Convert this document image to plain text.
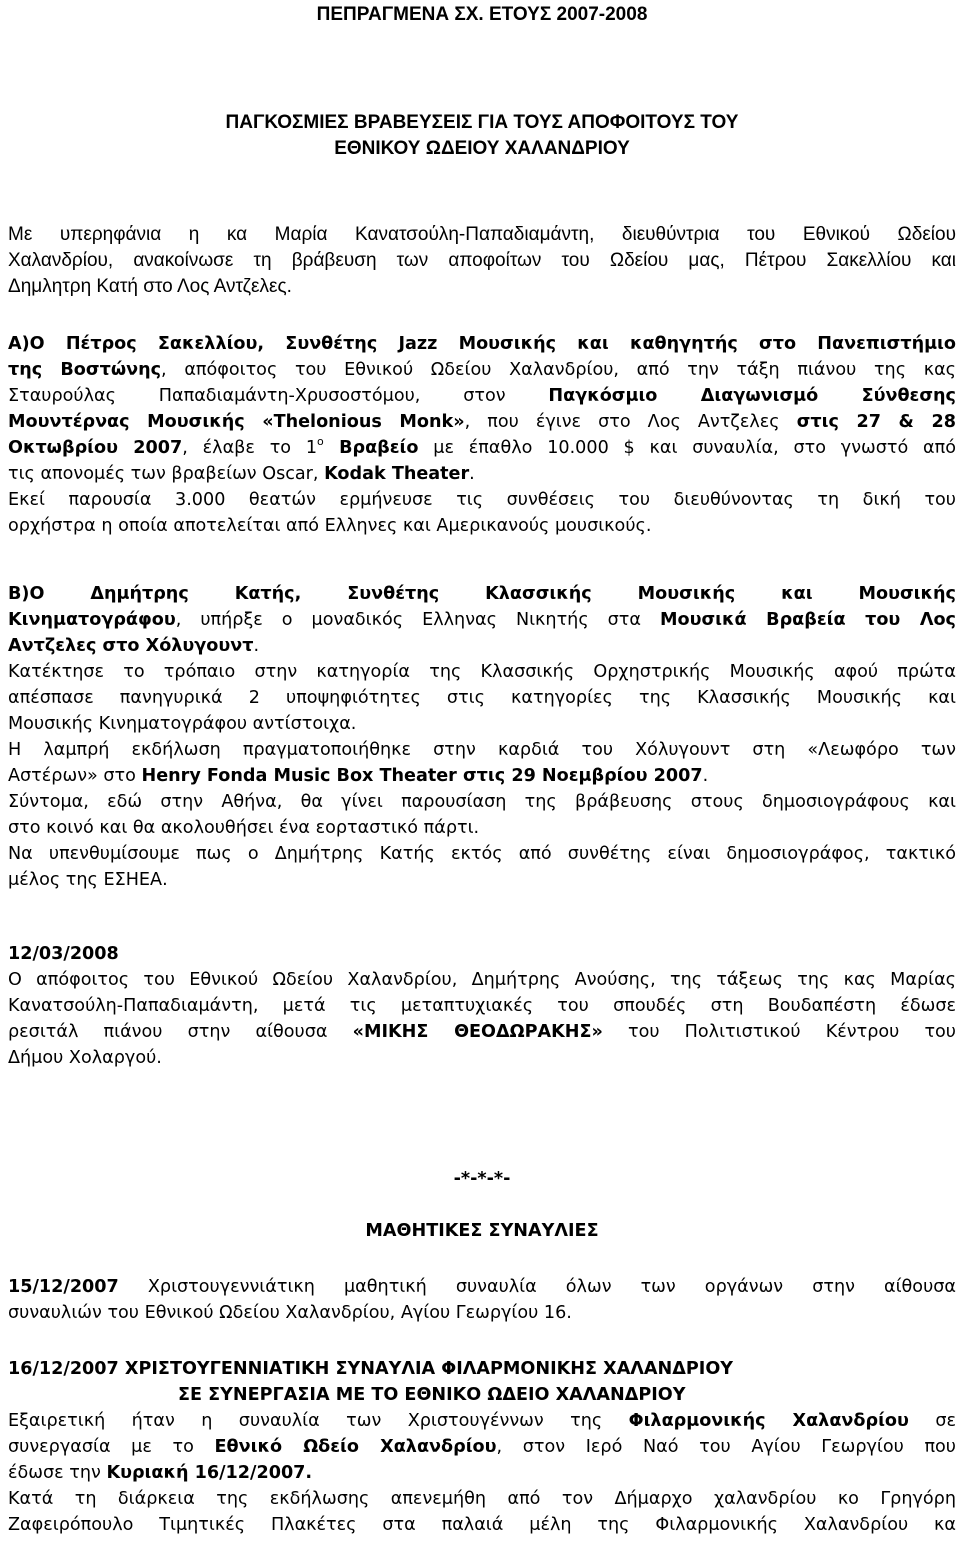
ΠΕΠΡΑΓΜΕΝΑ ΣΧ. ΕΤΟΥΣ 2007-2008
ΠΑΓΚΟΣΜΙΕΣ ΒΡΑΒΕΥΣΕΙΣ ΓΙΑ ΤΟΥΣ ΑΠΟΦΟΙΤΟΥΣ ΤΟΥ
ΕΘΝΙΚΟΥ ΩΔΕΙΟΥ ΧΑΛΑΝΔΡΙΟΥ
Με υπερηφάνια η κα Μαρία Κανατσούλη-Παπαδιαμάντη, διευθύντρια του Εθνικού Ωδείου
Χαλανδρίου, ανακοίνωσε τη βράβευση των αποφοίτων του Ωδείου μας, Πέτρου Σακελλίου και
Δημλητρη Κατή στο Λος Αντζελες.
Α)Ο Πέτρος Σακελλίου, Συνθέτης Jazz Μουσικής και καθηγητής στο Πανεπιστήμιο
της Βοστώνης, απόφοιτος του Εθνικού Ωδείου Χαλανδρίου, από την τάξη πιάνου της κας
Σταυρούλας Παπαδιαμάντη-Χρυσοστόμου, στον Παγκόσμιο Διαγωνισμό Σύνθεσης
Μουντέρνας Μουσικής «Thelonious Monk», που έγινε στο Λος Αντζελες στις 27 & 28
Οκτωβρίου 2007, έλαβε το $1^o$ Βραβείο με έπαθλο 10.000 $ και συναυλία, στο γνωστό από
τις απονομές των βραβείων Oscar, Kodak Theater.
Εκεί παρουσία 3.000 θεατών ερμήνευσε τις συνθέσεις του διευθύνοντας τη δική του
ορχήστρα η οποία αποτελείται από Ελληνες και Αμερικανούς μουσικούς.
Β)Ο Δημήτρης Κατής, Συνθέτης Κλασσικής Μουσικής και Μουσικής
Κινηματογράφου, υπήρξε ο μοναδικός Ελληνας Νικητής στα Μουσικά Βραβεία του Λος
Αντζελες στο Χόλυγουντ.
Κατέκτησε το τρόπαιο στην κατηγορία της Κλασσικής Ορχηστρικής Μουσικής αφού πρώτα
απέσπασε πανηγυρικά 2 υποψηφιότητες στις κατηγορίες της Κλασσικής Μουσικής και
Μουσικής Κινηματογράφου αντίστοιχα.
Η λαμπρή εκδήλωση πραγματοποιήθηκε στην καρδιά του Χόλυγουντ στη «Λεωφόρο των
Αστέρων» στο Henry Fonda Music Box Theater στις 29 Νοεμβρίου 2007.
Σύντομα, εδώ στην Αθήνα, θα γίνει παρουσίαση της βράβευσης στους δημοσιογράφους και
στο κοινό και θα ακολουθήσει ένα εορταστικό πάρτι.
Να υπενθυμίσουμε πως ο Δημήτρης Κατής εκτός από συνθέτης είναι δημοσιογράφος, τακτικό
μέλος της ΕΣΗΕΑ.
12/03/2008
Ο απόφοιτος του Εθνικού Ωδείου Χαλανδρίου, Δημήτρης Ανούσης, της τάξεως της κας Μαρίας
Κανατσούλη-Παπαδιαμάντη, μετά τις μεταπτυχιακές του σπουδές στη Βουδαπέστη έδωσε
ρεσιτάλ πιάνου στην αίθουσα «ΜΙΚΗΣ ΘΕΟΔΩΡΑΚΗΣ» του Πολιτιστικού Κέντρου του
Δήμου Χολαργού.
-*-*-*-
ΜΑΘΗΤΙΚΕΣ ΣΥΝΑΥΛΙΕΣ
15/12/2007 Χριστουγεννιάτικη μαθητική συναυλία όλων των οργάνων στην αίθουσα
συναυλιών του Εθνικού Ωδείου Χαλανδρίου, Αγίου Γεωργίου 16.
16/12/2007 ΧΡΙΣΤΟΥΓΕΝΝΙΑΤΙΚΗ ΣΥΝΑΥΛΙΑ ΦΙΛΑΡΜΟΝΙΚΗΣ ΧΑΛΑΝΔΡΙΟΥ
ΣΕ ΣΥΝΕΡΓΑΣΙΑ ΜΕ ΤΟ ΕΘΝΙΚΟ ΩΔΕΙΟ ΧΑΛΑΝΔΡΙΟΥ
Εξαιρετική ήταν η συναυλία των Χριστουγέννων της Φιλαρμονικής Χαλανδρίου σε
συνεργασία με το Εθνικό Ωδείο Χαλανδρίου, στον Ιερό Ναό του Αγίου Γεωργίου που
έδωσε την Κυριακή 16/12/2007.
Κατά τη διάρκεια της εκδήλωσης απενεμήθη από τον Δήμαρχο χαλανδρίου κο Γρηγόρη
Ζαφειρόπουλο Τιμητικές Πλακέτες στα παλαιά μέλη της Φιλαρμονικής Χαλανδρίου κα
